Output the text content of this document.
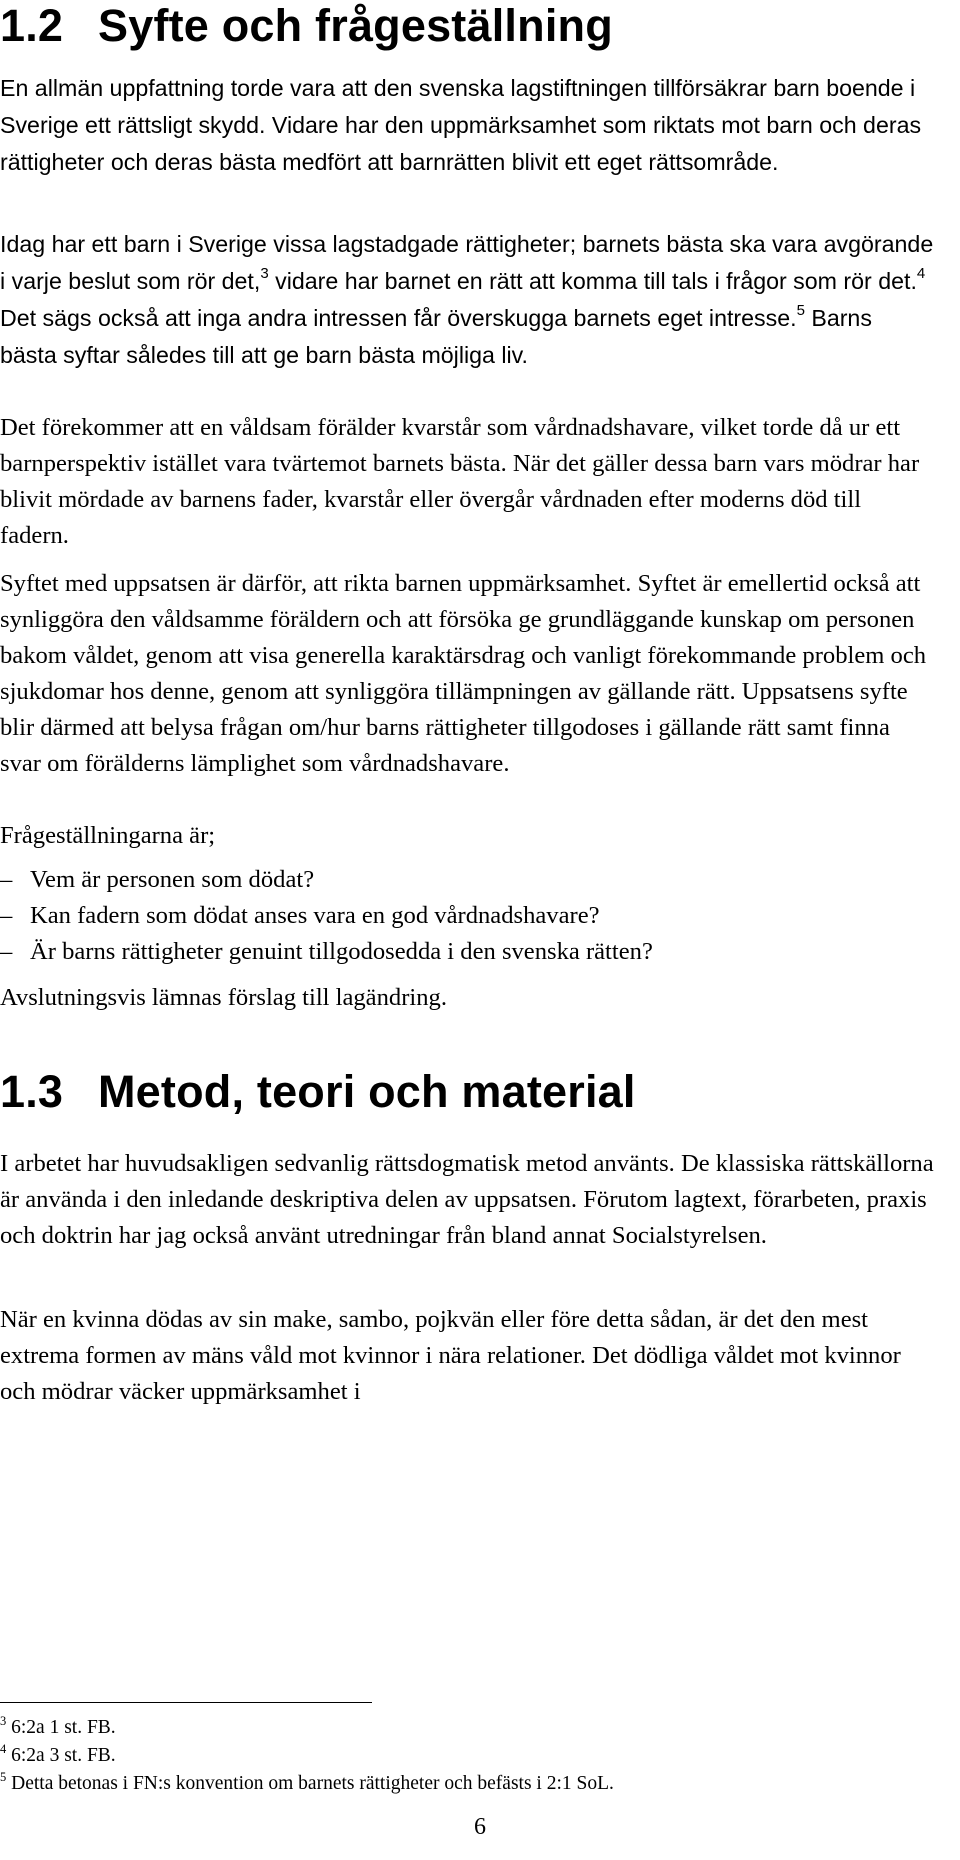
1.2 Syfte och frågeställning

En allmän uppfattning torde vara att den svenska lagstiftningen tillförsäkrar barn boende i Sverige ett rättsligt skydd. Vidare har den uppmärksamhet som riktats mot barn och deras rättigheter och deras bästa medfört att barnrätten blivit ett eget rättsområde.

Idag har ett barn i Sverige vissa lagstadgade rättigheter; barnets bästa ska vara avgörande i varje beslut som rör det,$^3$ vidare har barnet en rätt att komma till tals i frågor som rör det.$^4$ Det sägs också att inga andra intressen får överskugga barnets eget intresse.$^5$ Barns bästa syftar således till att ge barn bästa möjliga liv.

Det förekommer att en våldsam förälder kvarstår som vårdnadshavare, vilket torde då ur ett barnperspektiv istället vara tvärtemot barnets bästa. När det gäller dessa barn vars mödrar har blivit mördade av barnens fader, kvarstår eller övergår vårdnaden efter moderns död till fadern.

Syftet med uppsatsen är därför, att rikta barnen uppmärksamhet. Syftet är emellertid också att synliggöra den våldsamme föräldern och att försöka ge grundläggande kunskap om personen bakom våldet, genom att visa generella karaktärsdrag och vanligt förekommande problem och sjukdomar hos denne, genom att synliggöra tillämpningen av gällande rätt. Uppsatsens syfte blir därmed att belysa frågan om/hur barns rättigheter tillgodoses i gällande rätt samt finna svar om förälderns lämplighet som vårdnadshavare.

Frågeställningarna är;

– Vem är personen som dödat?
– Kan fadern som dödat anses vara en god vårdnadshavare?
– Är barns rättigheter genuint tillgodosedda i den svenska rätten?

Avslutningsvis lämnas förslag till lagändring.

1.3 Metod, teori och material

I arbetet har huvudsakligen sedvanlig rättsdogmatisk metod använts. De klassiska rättskällorna är använda i den inledande deskriptiva delen av uppsatsen. Förutom lagtext, förarbeten, praxis och doktrin har jag också använt utredningar från bland annat Socialstyrelsen.

När en kvinna dödas av sin make, sambo, pojkvän eller före detta sådan, är det den mest extrema formen av mäns våld mot kvinnor i nära relationer. Det dödliga våldet mot kvinnor och mödrar väcker uppmärksamhet i

$^3$ 6:2a 1 st. FB.
$^4$ 6:2a 3 st. FB.
$^5$ Detta betonas i FN:s konvention om barnets rättigheter och befästs i 2:1 SoL.
6
